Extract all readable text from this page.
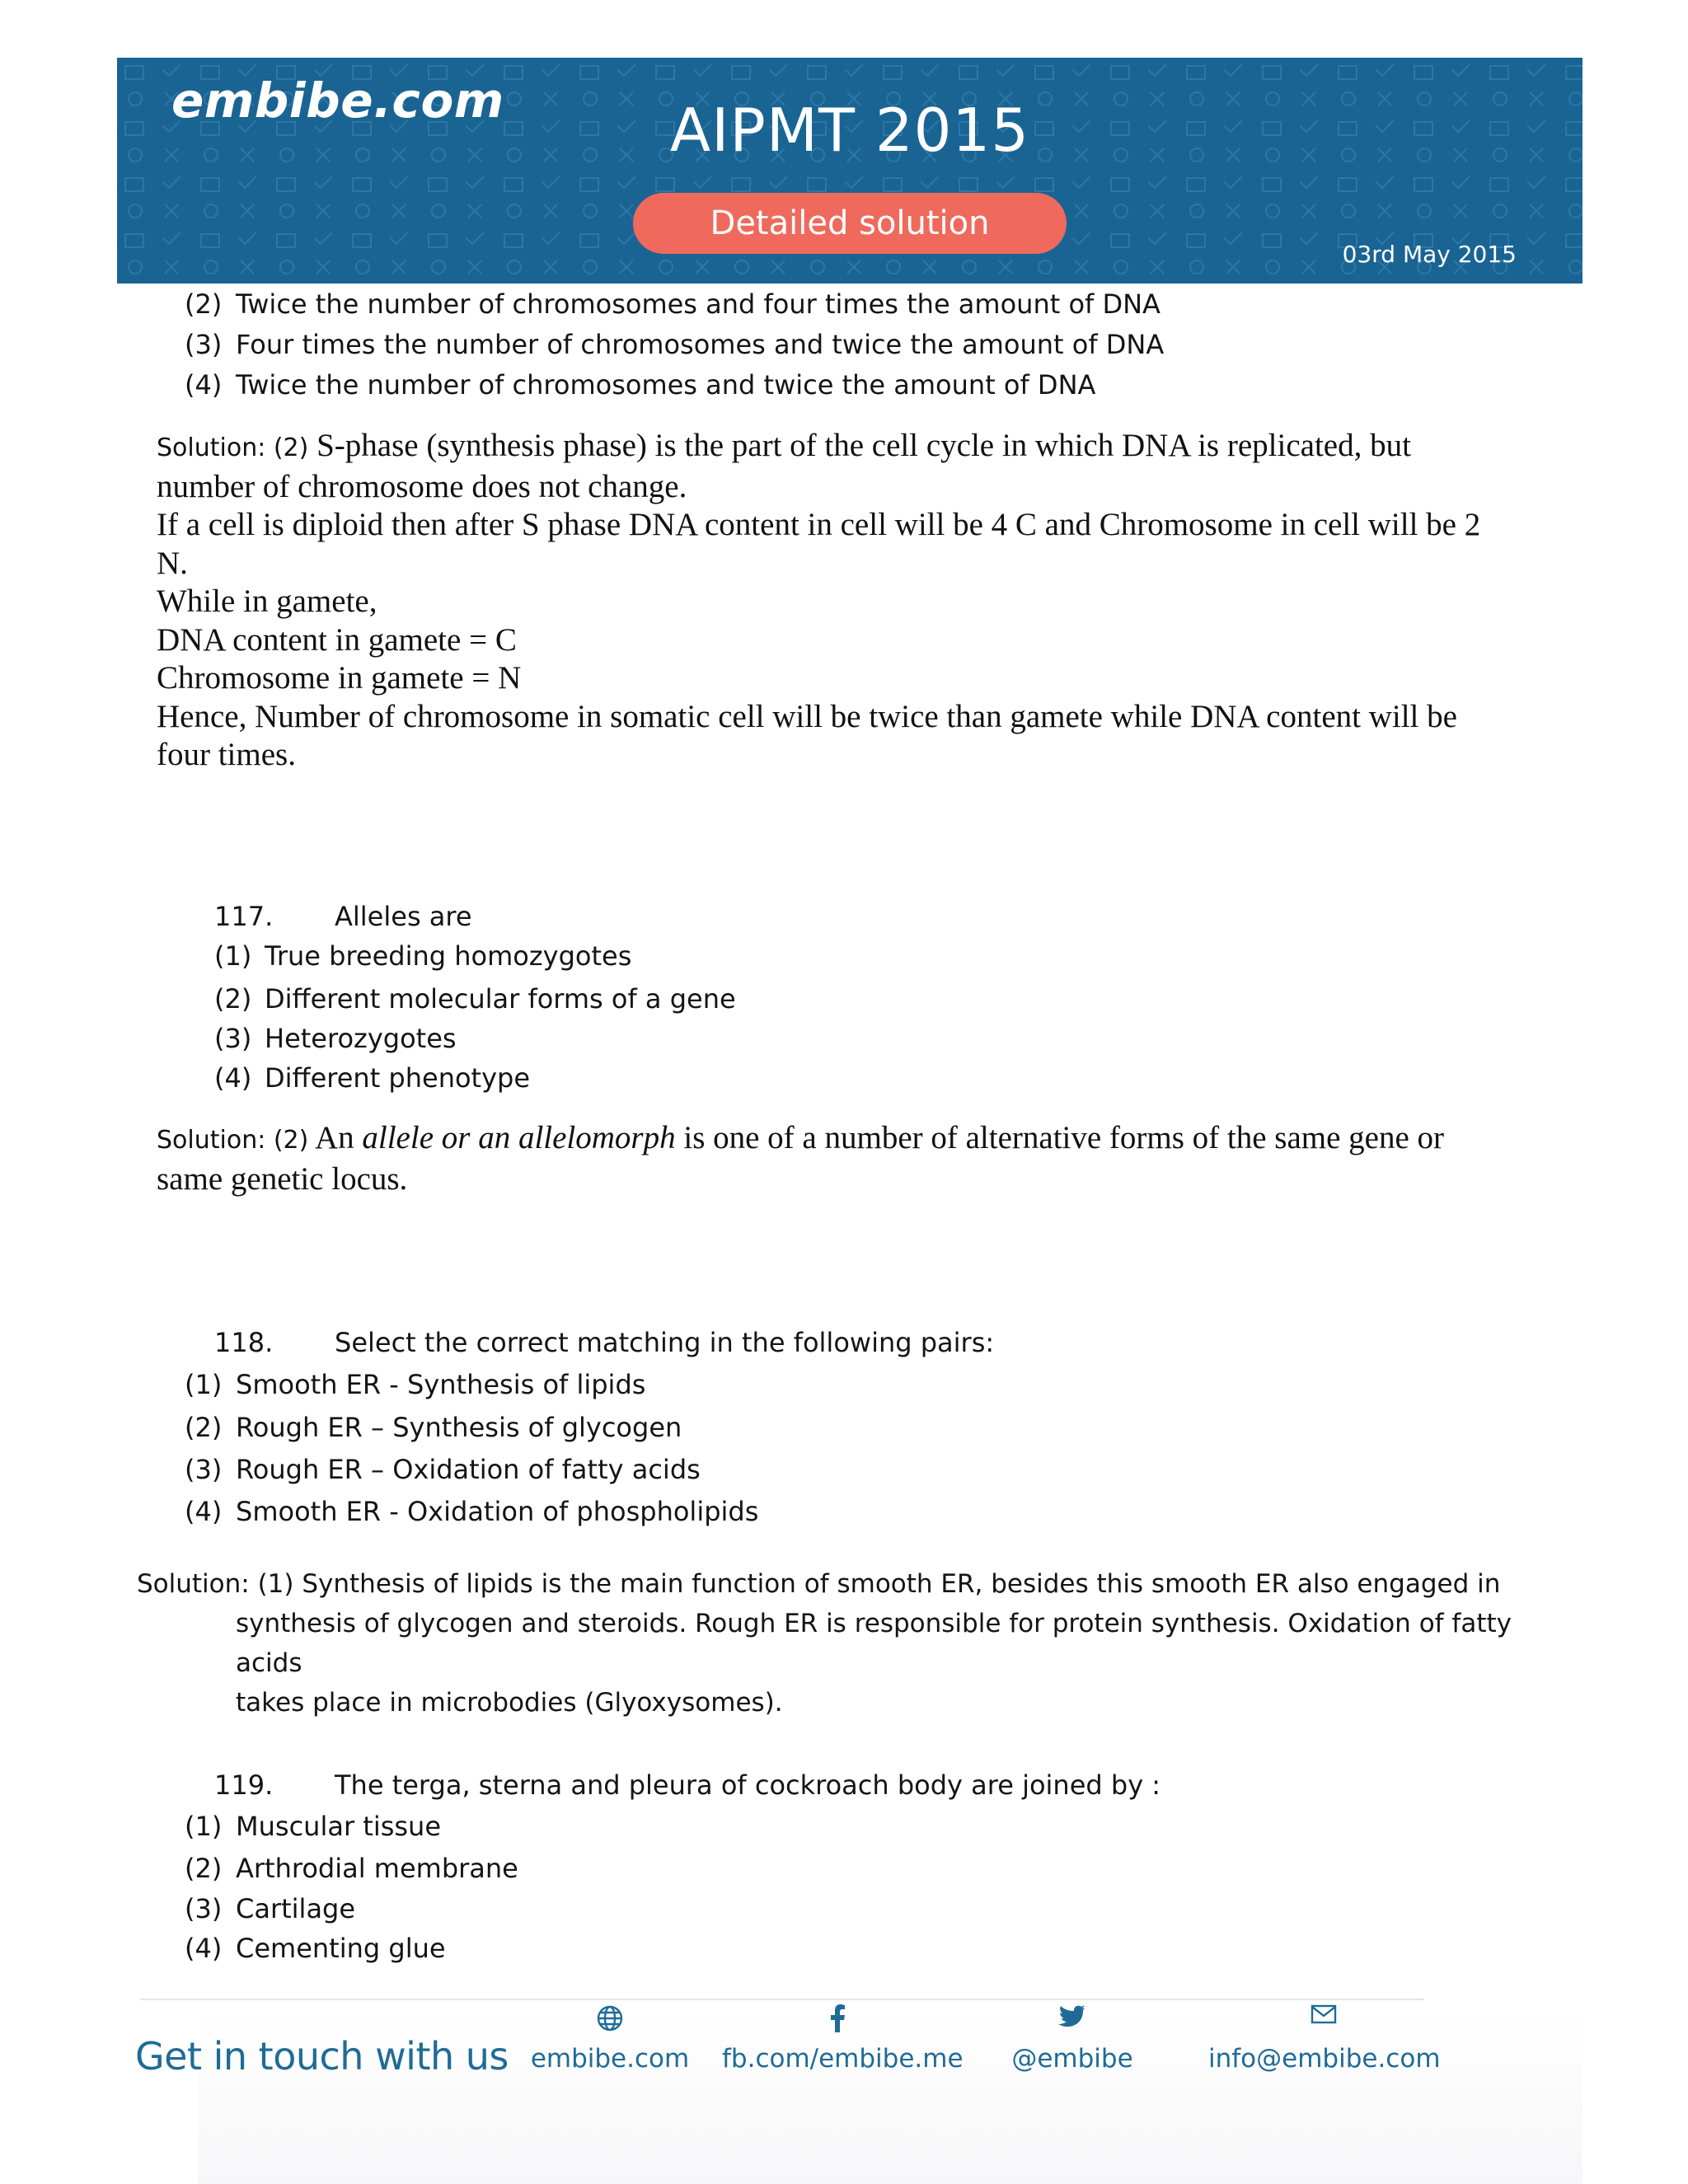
embibe.com	AIPMT 2015
Detailed solution
03rd May 2015
(2) Twice the number of chromosomes and four times the amount of DNA
(3) Four times the number of chromosomes and twice the amount of DNA
(4) Twice the number of chromosomes and twice the amount of DNA
Solution: (2) S-phase (synthesis phase) is the part of the cell cycle in which DNA is replicated, but
number of chromosome does not change.
If a cell is diploid then after S phase DNA content in cell will be 4 C and Chromosome in cell will be 2
N.
While in gamete,
DNA content in gamete = C
Chromosome in gamete = N
Hence, Number of chromosome in somatic cell will be twice than gamete while DNA content will be
four times.
117. Alleles are
(1) True breeding homozygotes
(2) Different molecular forms of a gene
(3) Heterozygotes
(4) Different phenotype
Solution: (2) An allele or an allelomorph is one of a number of alternative forms of the same gene or
same genetic locus.
118. Select the correct matching in the following pairs:
(1) Smooth ER - Synthesis of lipids
(2) Rough ER – Synthesis of glycogen
(3) Rough ER – Oxidation of fatty acids
(4) Smooth ER - Oxidation of phospholipids
Solution: (1) Synthesis of lipids is the main function of smooth ER, besides this smooth ER also engaged in
synthesis of glycogen and steroids. Rough ER is responsible for protein synthesis. Oxidation of fatty acids
takes place in microbodies (Glyoxysomes).
119. The terga, sterna and pleura of cockroach body are joined by :
(1) Muscular tissue
(2) Arthrodial membrane
(3) Cartilage
(4) Cementing glue
Get in touch with us embibe.com fb.com/embibe.me @embibe	info@embibe.com
